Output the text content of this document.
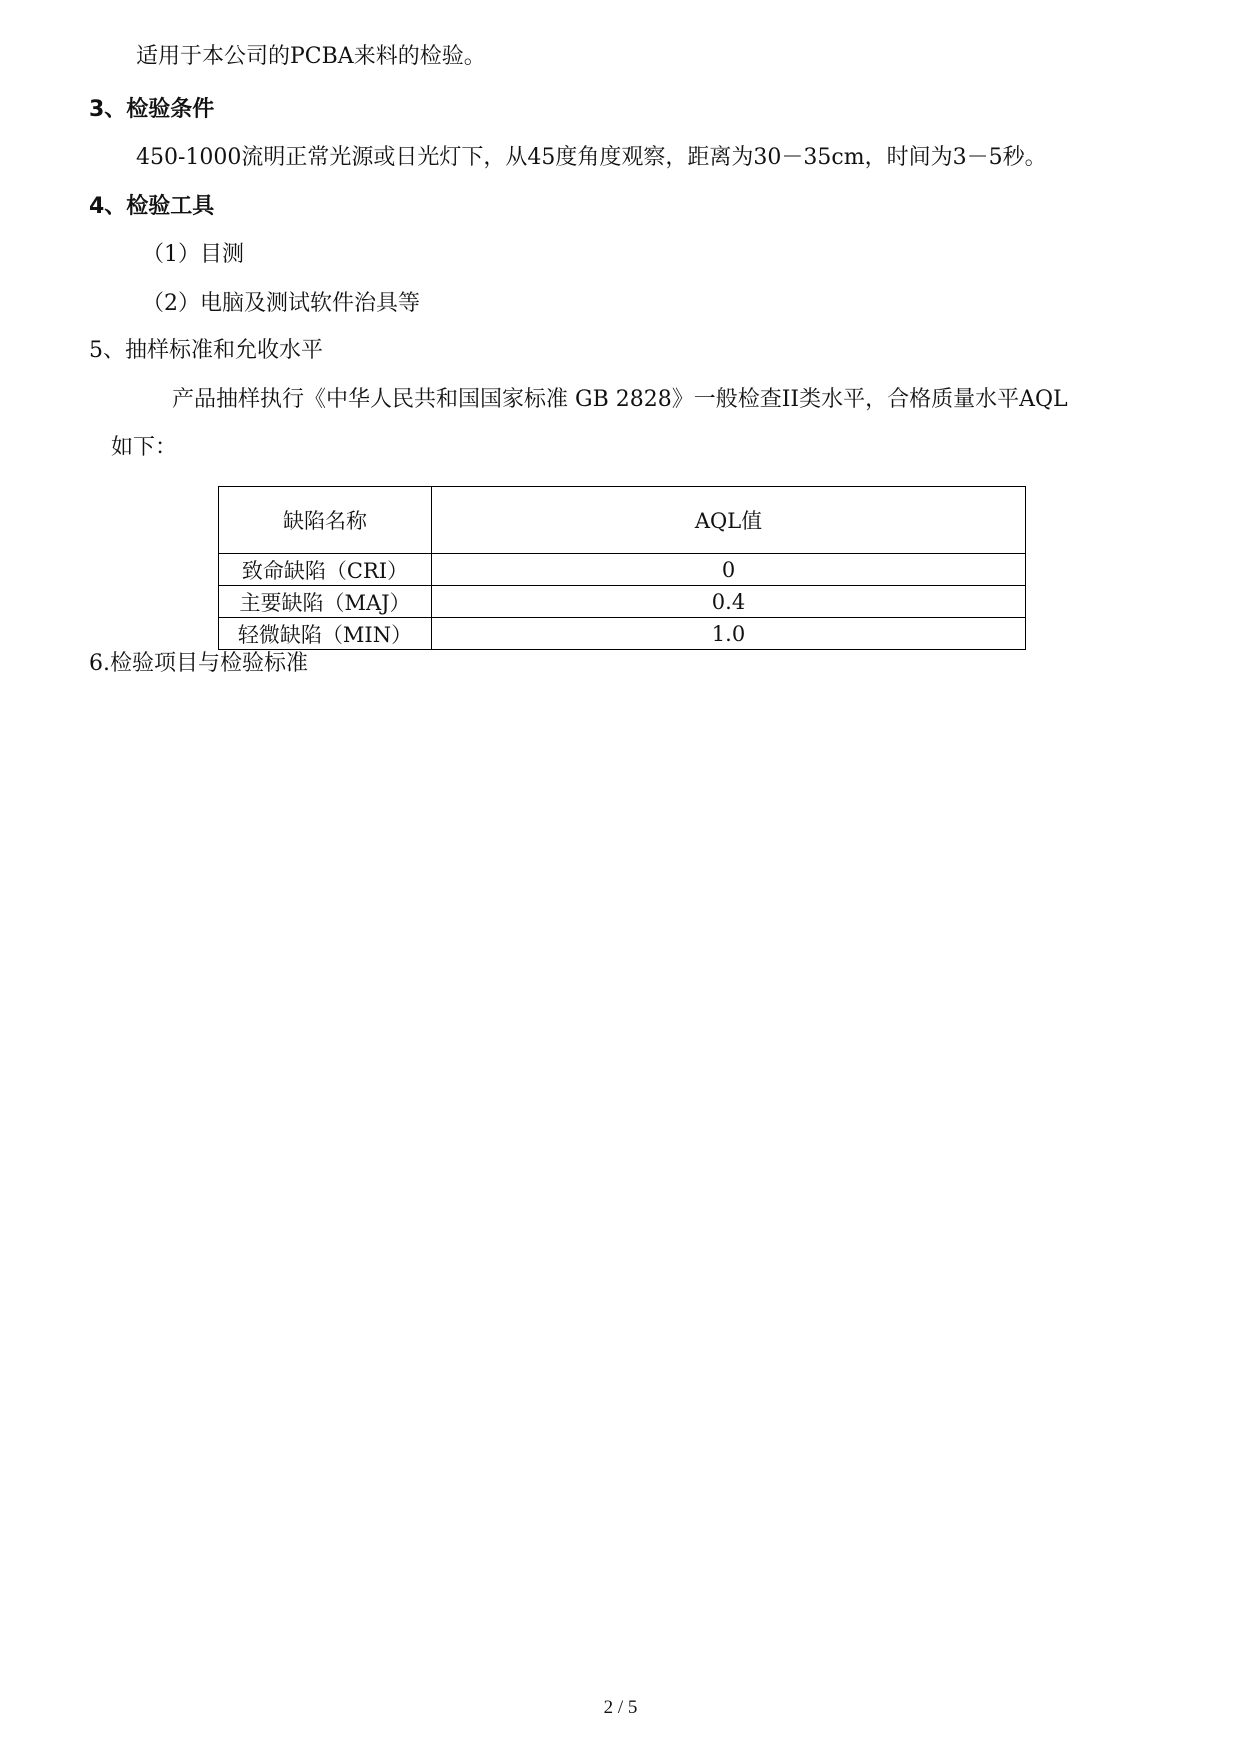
适用于本公司的PCBA来料的检验。
3、检验条件
450-1000流明正常光源或日光灯下，从45度角度观察，距离为30－35cm，时间为3－5秒。
4、检验工具
（1）目测
（2）电脑及测试软件治具等
5、抽样标准和允收水平
产品抽样执行《中华人民共和国国家标准 GB 2828》一般检查II类水平，合格质量水平AQL
如下：
缺陷名称	AQL值
致命缺陷（CRI）	0
主要缺陷（MAJ）	0.4
轻微缺陷（MIN）	1.0
6.检验项目与检验标准
2 / 5
